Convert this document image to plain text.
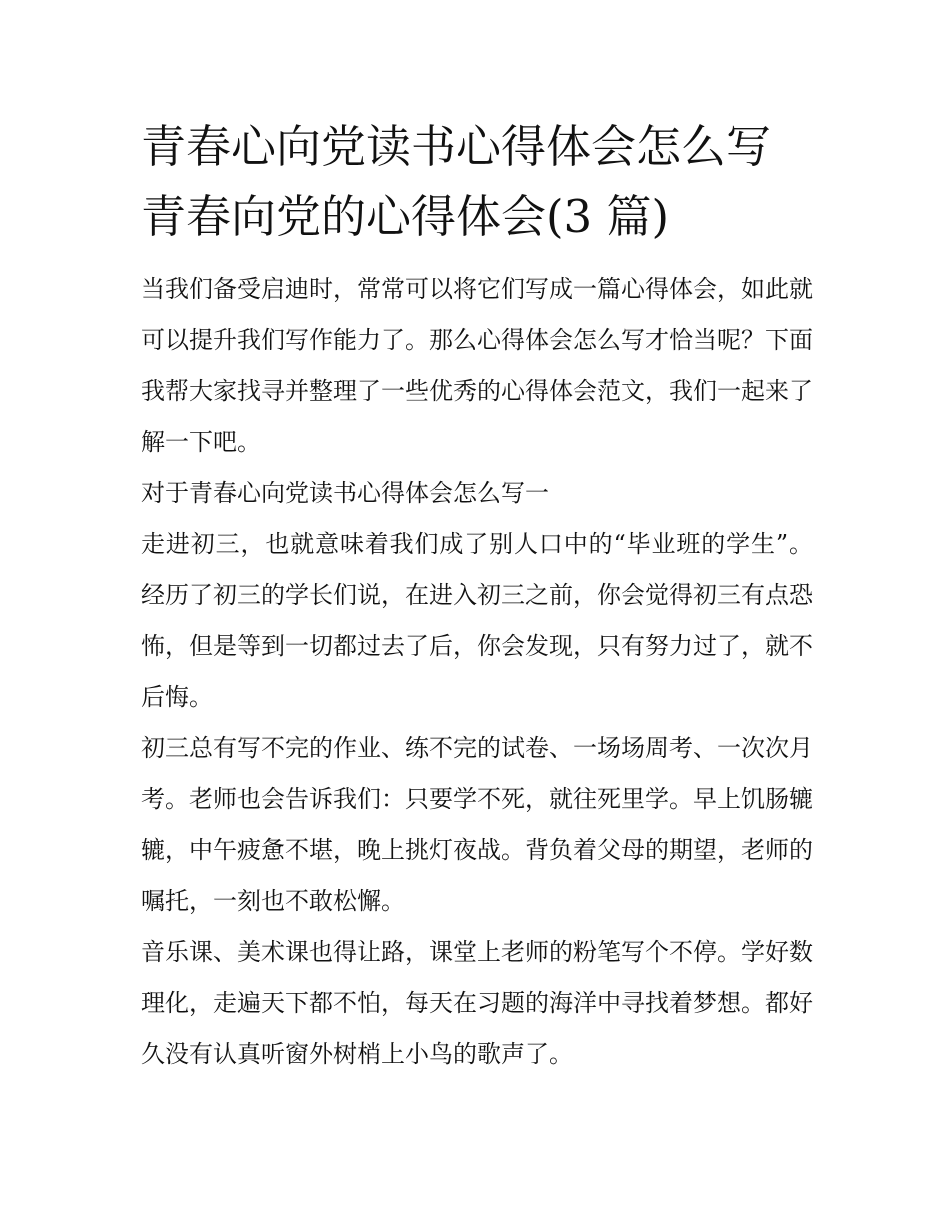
青春心向党读书心得体会怎么写 青春向党的心得体会(3 篇)

当我们备受启迪时，常常可以将它们写成一篇心得体会，如此就可以提升我们写作能力了。那么心得体会怎么写才恰当呢？下面我帮大家找寻并整理了一些优秀的心得体会范文，我们一起来了解一下吧。

对于青春心向党读书心得体会怎么写一

走进初三，也就意味着我们成了别人口中的“毕业班的学生”。经历了初三的学长们说，在进入初三之前，你会觉得初三有点恐怖，但是等到一切都过去了后，你会发现，只有努力过了，就不后悔。

初三总有写不完的作业、练不完的试卷、一场场周考、一次次月考。老师也会告诉我们：只要学不死，就往死里学。早上饥肠辘辘，中午疲惫不堪，晚上挑灯夜战。背负着父母的期望，老师的嘱托，一刻也不敢松懈。

音乐课、美术课也得让路，课堂上老师的粉笔写个不停。学好数理化，走遍天下都不怕，每天在习题的海洋中寻找着梦想。都好久没有认真听窗外树梢上小鸟的歌声了。
